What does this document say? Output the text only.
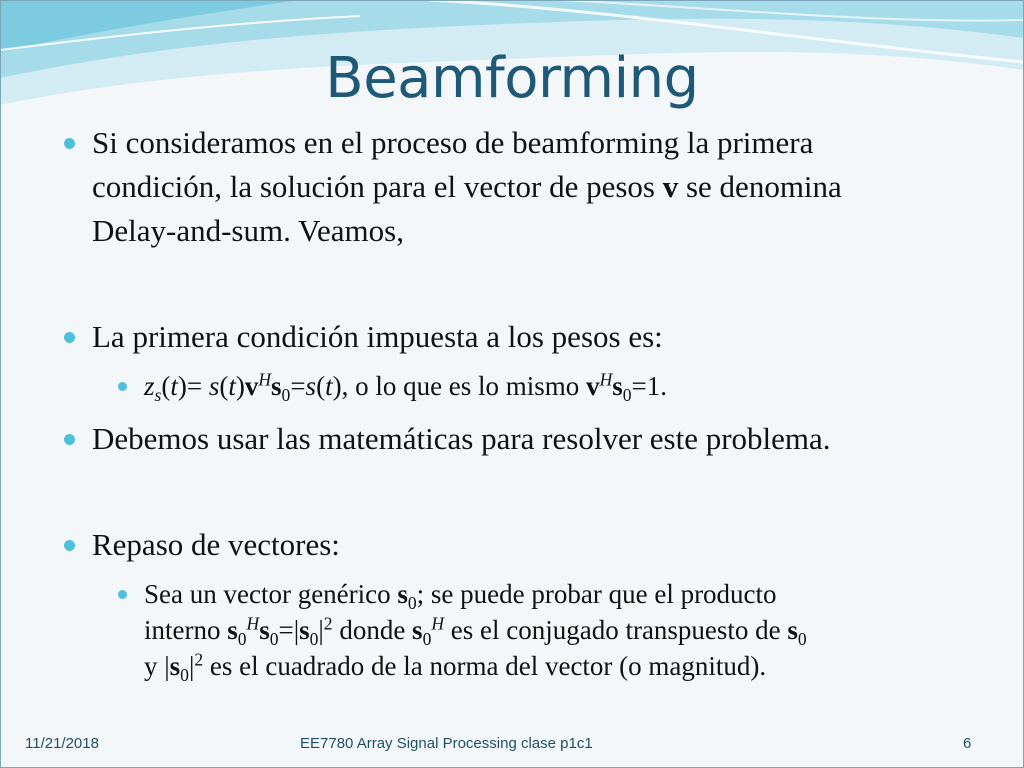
Beamforming
Si consideramos en el proceso de beamforming la primera
condición, la solución para el vector de pesos v se denomina
Delay-and-sum. Veamos,
La primera condición impuesta a los pesos es:
$z_s(t)= s(t)v^Hs_0=s(t)$, o lo que es lo mismo $v^Hs_0=1$.
Debemos usar las matemáticas para resolver este problema.
Repaso de vectores:
Sea un vector genérico $s_0$; se puede probar que el producto
interno $s_0^Hs_0=|s_0|^2$ donde $s_0^H$ es el conjugado transpuesto de $s_0$
y $|s_0|^2$ es el cuadrado de la norma del vector (o magnitud).
11/21/2018	EE7780 Array Signal Processing clase p1c1	6
